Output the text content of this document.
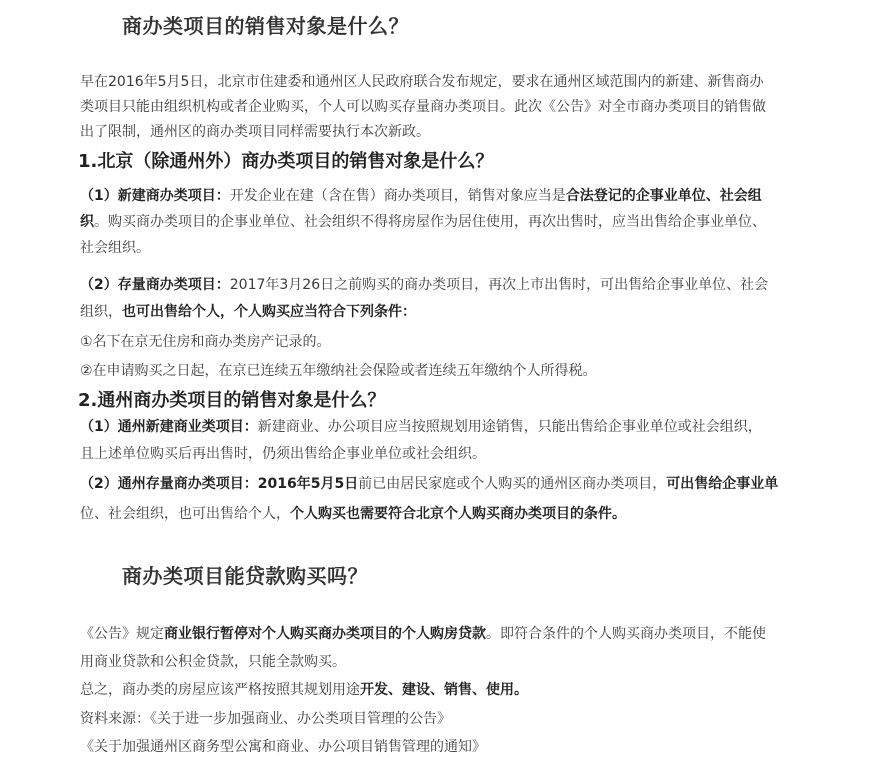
商办类项目的销售对象是什么？
早在2016年5月5日，北京市住建委和通州区人民政府联合发布规定，要求在通州区域范围内的新建、新售商办
类项目只能由组织机构或者企业购买，个人可以购买存量商办类项目。此次《公告》对全市商办类项目的销售做
出了限制，通州区的商办类项目同样需要执行本次新政。
1.北京（除通州外）商办类项目的销售对象是什么？
（1）新建商办类项目：开发企业在建（含在售）商办类项目，销售对象应当是合法登记的企事业单位、社会组
织。购买商办类项目的企事业单位、社会组织不得将房屋作为居住使用，再次出售时，应当出售给企事业单位、
社会组织。
（2）存量商办类项目：2017年3月26日之前购买的商办类项目，再次上市出售时，可出售给企事业单位、社会
组织，也可出售给个人，个人购买应当符合下列条件：
①名下在京无住房和商办类房产记录的。
②在申请购买之日起，在京已连续五年缴纳社会保险或者连续五年缴纳个人所得税。
2.通州商办类项目的销售对象是什么？
（1）通州新建商业类项目：新建商业、办公项目应当按照规划用途销售，只能出售给企事业单位或社会组织，
且上述单位购买后再出售时，仍须出售给企事业单位或社会组织。
（2）通州存量商办类项目：2016年5月5日前已由居民家庭或个人购买的通州区商办类项目，可出售给企事业单
位、社会组织，也可出售给个人，个人购买也需要符合北京个人购买商办类项目的条件。
商办类项目能贷款购买吗？
《公告》规定商业银行暂停对个人购买商办类项目的个人购房贷款。即符合条件的个人购买商办类项目，不能使
用商业贷款和公积金贷款，只能全款购买。
总之，商办类的房屋应该严格按照其规划用途开发、建设、销售、使用。
资料来源：《关于进一步加强商业、办公类项目管理的公告》
《关于加强通州区商务型公寓和商业、办公项目销售管理的通知》
